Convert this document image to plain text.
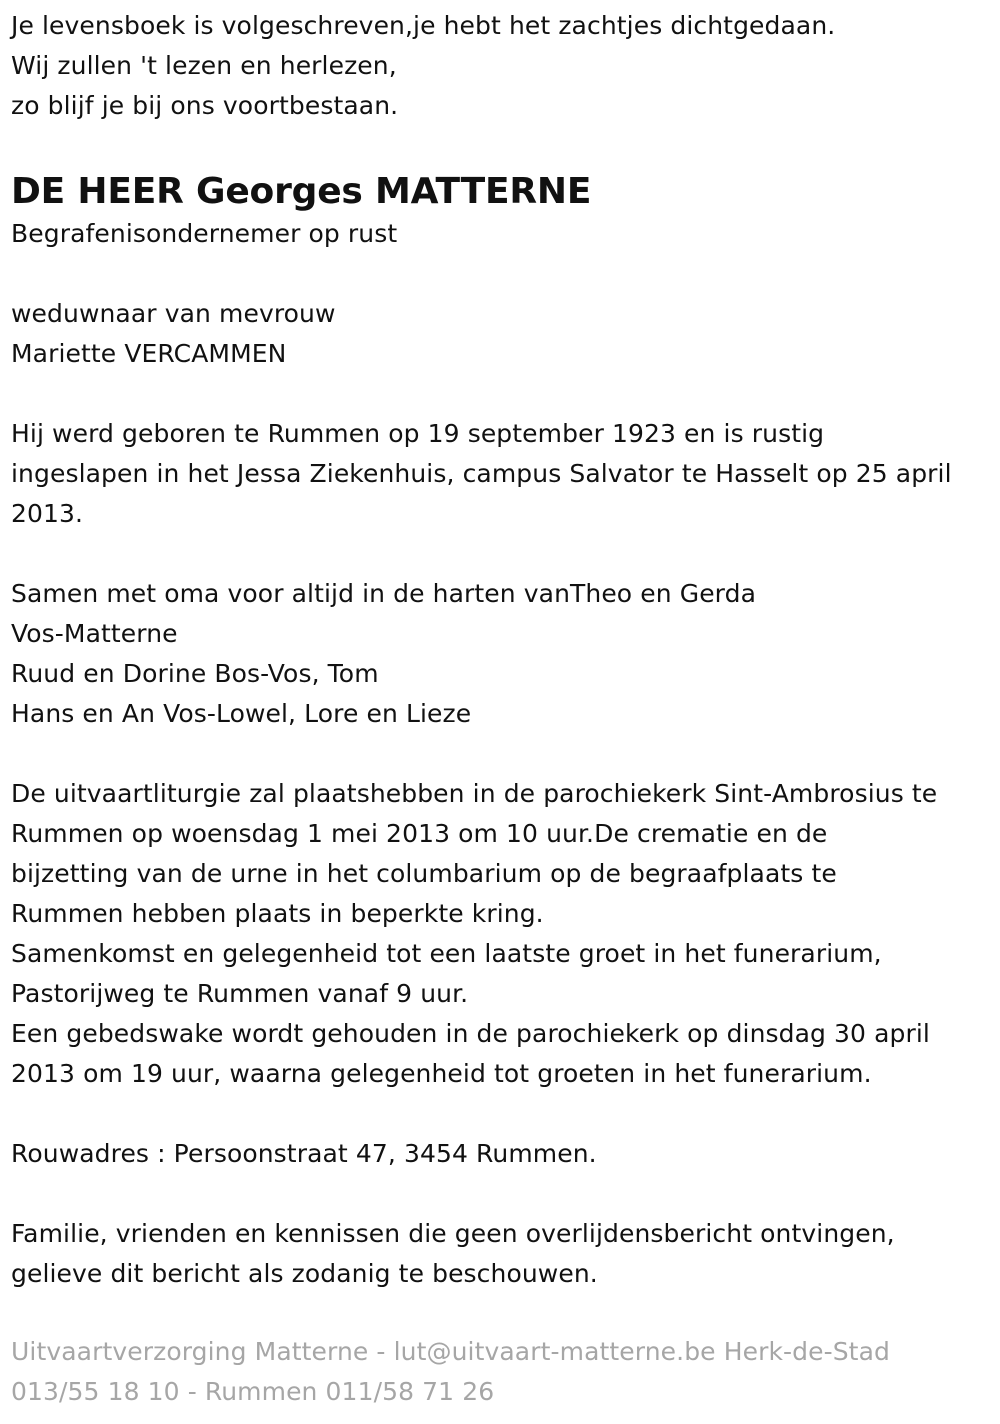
Je levensboek is volgeschreven,je hebt het zachtjes dichtgedaan.
Wij zullen 't lezen en herlezen,
zo blijf je bij ons voortbestaan.
DE HEER Georges MATTERNE
Begrafenisondernemer op rust
weduwnaar van mevrouw
Mariette VERCAMMEN
Hij werd geboren te Rummen op 19 september 1923 en is rustig
ingeslapen in het Jessa Ziekenhuis, campus Salvator te Hasselt op 25 april
2013.
Samen met oma voor altijd in de harten vanTheo en Gerda
Vos-Matterne
Ruud en Dorine Bos-Vos, Tom
Hans en An Vos-Lowel, Lore en Lieze
De uitvaartliturgie zal plaatshebben in de parochiekerk Sint-Ambrosius te
Rummen op woensdag 1 mei 2013 om 10 uur.De crematie en de
bijzetting van de urne in het columbarium op de begraafplaats te
Rummen hebben plaats in beperkte kring.
Samenkomst en gelegenheid tot een laatste groet in het funerarium,
Pastorijweg te Rummen vanaf 9 uur.
Een gebedswake wordt gehouden in de parochiekerk op dinsdag 30 april
2013 om 19 uur, waarna gelegenheid tot groeten in het funerarium.
Rouwadres : Persoonstraat 47, 3454 Rummen.
Familie, vrienden en kennissen die geen overlijdensbericht ontvingen,
gelieve dit bericht als zodanig te beschouwen.
Uitvaartverzorging Matterne - lut@uitvaart-matterne.be Herk-de-Stad
013/55 18 10 - Rummen 011/58 71 26
